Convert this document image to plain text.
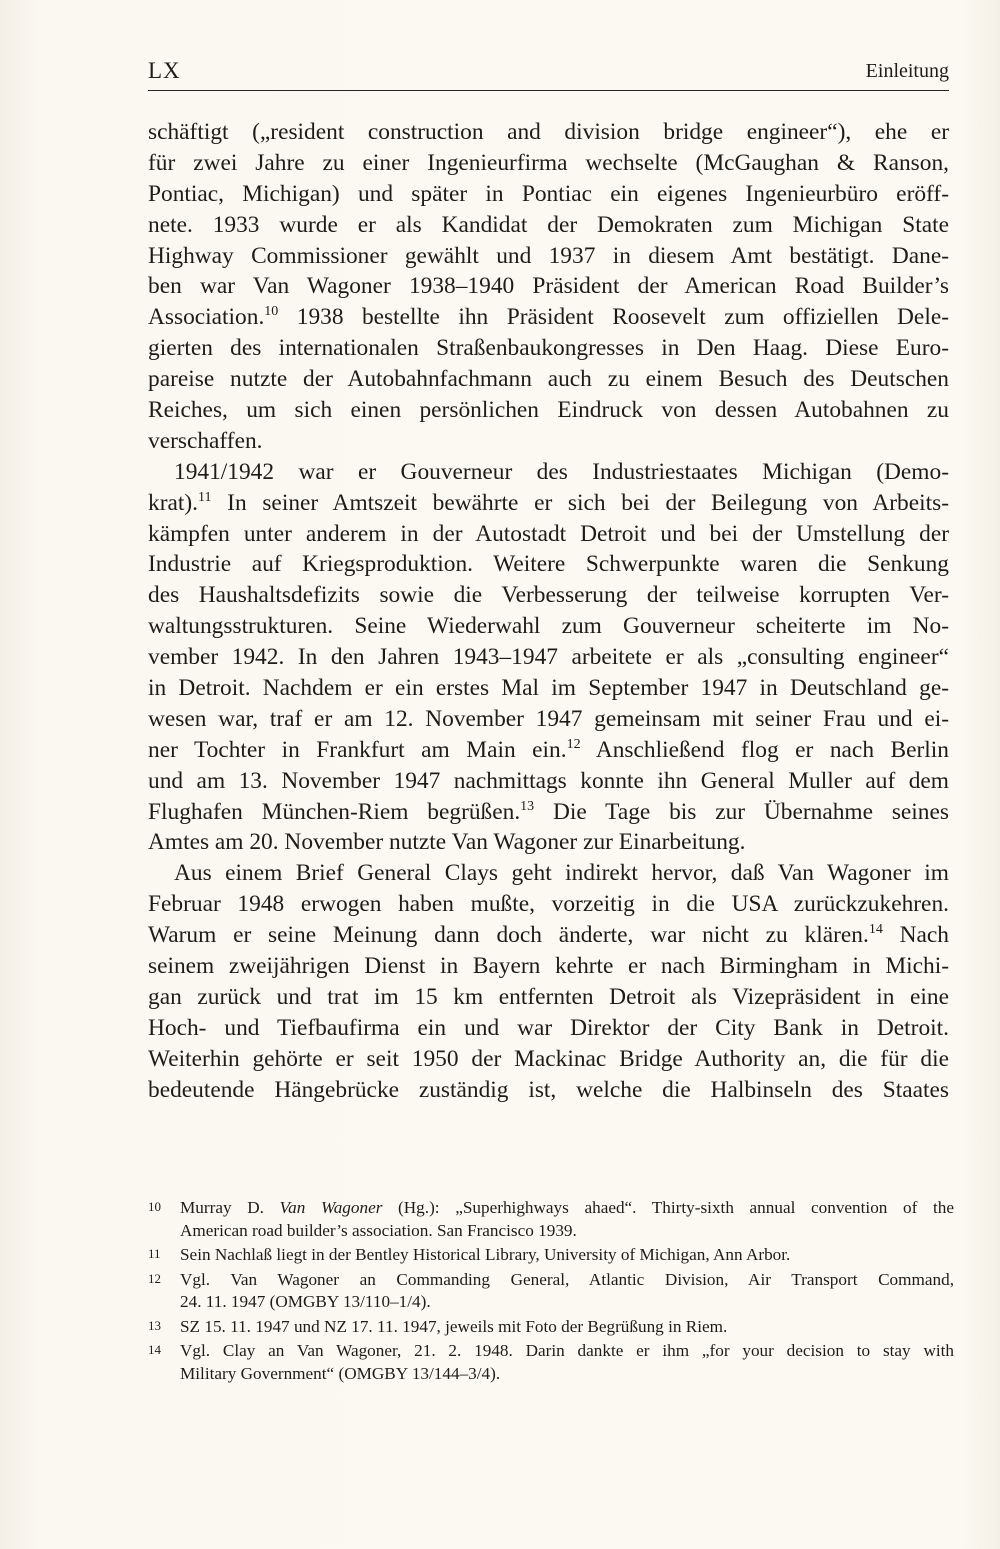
LX	Einleitung
schäftigt („resident construction and division bridge engineer“), ehe er
für zwei Jahre zu einer Ingenieurfirma wechselte (McGaughan & Ranson,
Pontiac, Michigan) und später in Pontiac ein eigenes Ingenieurbüro eröff-
nete. 1933 wurde er als Kandidat der Demokraten zum Michigan State
Highway Commissioner gewählt und 1937 in diesem Amt bestätigt. Dane-
ben war Van Wagoner 1938–1940 Präsident der American Road Builder’s
Association.$^{10}$ 1938 bestellte ihn Präsident Roosevelt zum offiziellen Dele-
gierten des internationalen Straßenbaukongresses in Den Haag. Diese Euro-
pareise nutzte der Autobahnfachmann auch zu einem Besuch des Deutschen
Reiches, um sich einen persönlichen Eindruck von dessen Autobahnen zu
verschaffen.
1941/1942 war er Gouverneur des Industriestaates Michigan (Demo-
krat).$^{11}$ In seiner Amtszeit bewährte er sich bei der Beilegung von Arbeits-
kämpfen unter anderem in der Autostadt Detroit und bei der Umstellung der
Industrie auf Kriegsproduktion. Weitere Schwerpunkte waren die Senkung
des Haushaltsdefizits sowie die Verbesserung der teilweise korrupten Ver-
waltungsstrukturen. Seine Wiederwahl zum Gouverneur scheiterte im No-
vember 1942. In den Jahren 1943–1947 arbeitete er als „consulting engineer“
in Detroit. Nachdem er ein erstes Mal im September 1947 in Deutschland ge-
wesen war, traf er am 12. November 1947 gemeinsam mit seiner Frau und ei-
ner Tochter in Frankfurt am Main ein.$^{12}$ Anschließend flog er nach Berlin
und am 13. November 1947 nachmittags konnte ihn General Muller auf dem
Flughafen München-Riem begrüßen.$^{13}$ Die Tage bis zur Übernahme seines
Amtes am 20. November nutzte Van Wagoner zur Einarbeitung.
Aus einem Brief General Clays geht indirekt hervor, daß Van Wagoner im
Februar 1948 erwogen haben mußte, vorzeitig in die USA zurückzukehren.
Warum er seine Meinung dann doch änderte, war nicht zu klären.$^{14}$ Nach
seinem zweijährigen Dienst in Bayern kehrte er nach Birmingham in Michi-
gan zurück und trat im 15 km entfernten Detroit als Vizepräsident in eine
Hoch- und Tiefbaufirma ein und war Direktor der City Bank in Detroit.
Weiterhin gehörte er seit 1950 der Mackinac Bridge Authority an, die für die
bedeutende Hängebrücke zuständig ist, welche die Halbinseln des Staates
10 Murray D. Van Wagoner (Hg.): „Superhighways ahaed“. Thirty-sixth annual convention of the
American road builder’s association. San Francisco 1939.
11 Sein Nachlaß liegt in der Bentley Historical Library, University of Michigan, Ann Arbor.
12 Vgl. Van Wagoner an Commanding General, Atlantic Division, Air Transport Command,
24. 11. 1947 (OMGBY 13/110–1/4).
13 SZ 15. 11. 1947 und NZ 17. 11. 1947, jeweils mit Foto der Begrüßung in Riem.
14 Vgl. Clay an Van Wagoner, 21. 2. 1948. Darin dankte er ihm „for your decision to stay with
Military Government“ (OMGBY 13/144–3/4).
